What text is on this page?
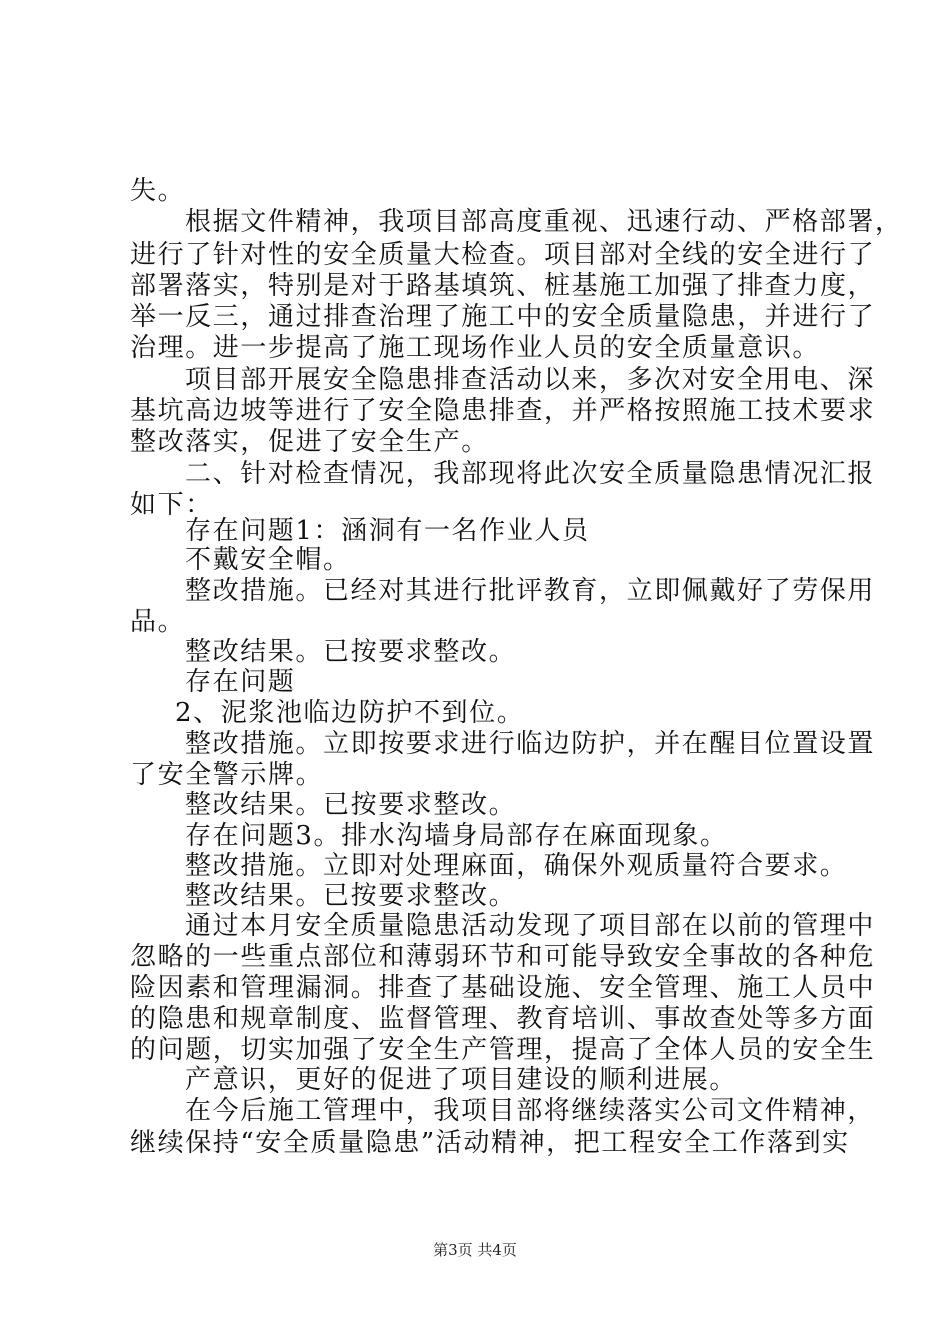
失。
根据文件精神，我项目部高度重视、迅速行动、严格部署，
进行了针对性的安全质量大检查。项目部对全线的安全进行了
部署落实，特别是对于路基填筑、桩基施工加强了排查力度，
举一反三，通过排查治理了施工中的安全质量隐患，并进行了
治理。进一步提高了施工现场作业人员的安全质量意识。
项目部开展安全隐患排查活动以来，多次对安全用电、深
基坑高边坡等进行了安全隐患排查，并严格按照施工技术要求
整改落实，促进了安全生产。
二、针对检查情况，我部现将此次安全质量隐患情况汇报
如下：
存在问题1：涵洞有一名作业人员
不戴安全帽。
整改措施。已经对其进行批评教育，立即佩戴好了劳保用
品。
整改结果。已按要求整改。
存在问题
2、泥浆池临边防护不到位。
整改措施。立即按要求进行临边防护，并在醒目位置设置
了安全警示牌。
整改结果。已按要求整改。
存在问题3。排水沟墙身局部存在麻面现象。
整改措施。立即对处理麻面，确保外观质量符合要求。
整改结果。已按要求整改。
通过本月安全质量隐患活动发现了项目部在以前的管理中
忽略的一些重点部位和薄弱环节和可能导致安全事故的各种危
险因素和管理漏洞。排查了基础设施、安全管理、施工人员中
的隐患和规章制度、监督管理、教育培训、事故查处等多方面
的问题，切实加强了安全生产管理，提高了全体人员的安全生
产意识，更好的促进了项目建设的顺利进展。
在今后施工管理中，我项目部将继续落实公司文件精神，
继续保持“安全质量隐患”活动精神，把工程安全工作落到实
第3页 共4页
